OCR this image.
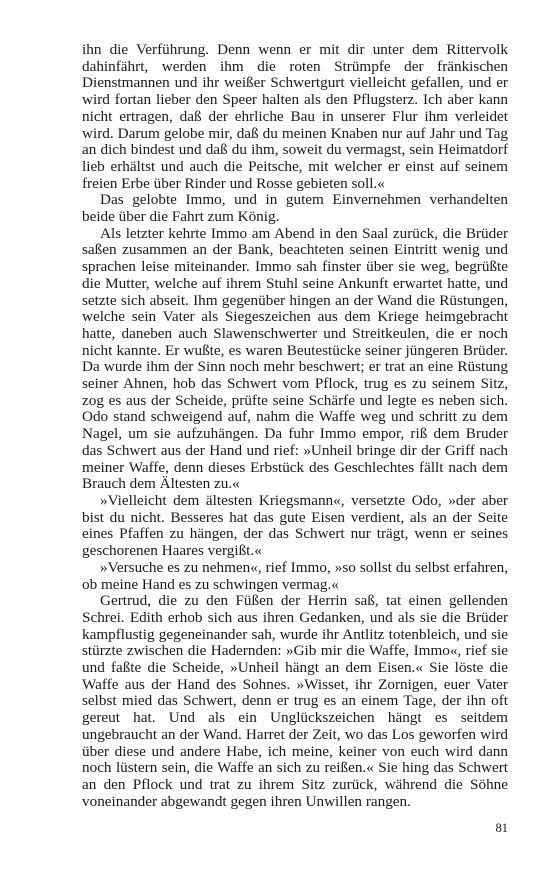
ihn die Verführung. Denn wenn er mit dir unter dem Rittervolk dahinfährt, werden ihm die roten Strümpfe der fränkischen Dienstmannen und ihr weißer Schwertgurt vielleicht gefallen, und er wird fortan lieber den Speer halten als den Pflugsterz. Ich aber kann nicht ertragen, daß der ehrliche Bau in unserer Flur ihm verleidet wird. Darum gelobe mir, daß du meinen Knaben nur auf Jahr und Tag an dich bindest und daß du ihm, soweit du vermagst, sein Heimatdorf lieb erhältst und auch die Peitsche, mit welcher er einst auf seinem freien Erbe über Rinder und Rosse gebieten soll.«

Das gelobte Immo, und in gutem Einvernehmen verhandelten beide über die Fahrt zum König.

Als letzter kehrte Immo am Abend in den Saal zurück, die Brüder saßen zusammen an der Bank, beachteten seinen Eintritt wenig und sprachen leise miteinander. Immo sah finster über sie weg, begrüßte die Mutter, welche auf ihrem Stuhl seine Ankunft erwartet hatte, und setzte sich abseit. Ihm gegenüber hingen an der Wand die Rüstungen, welche sein Vater als Siegeszeichen aus dem Kriege heimgebracht hatte, daneben auch Slawenschwerter und Streitkeulen, die er noch nicht kannte. Er wußte, es waren Beutestücke seiner jüngeren Brüder. Da wurde ihm der Sinn noch mehr beschwert; er trat an eine Rüstung seiner Ahnen, hob das Schwert vom Pflock, trug es zu seinem Sitz, zog es aus der Scheide, prüfte seine Schärfe und legte es neben sich. Odo stand schweigend auf, nahm die Waffe weg und schritt zu dem Nagel, um sie aufzuhängen. Da fuhr Immo empor, riß dem Bruder das Schwert aus der Hand und rief: »Unheil bringe dir der Griff nach meiner Waffe, denn dieses Erbstück des Geschlechtes fällt nach dem Brauch dem Ältesten zu.«

»Vielleicht dem ältesten Kriegsmann«, versetzte Odo, »der aber bist du nicht. Besseres hat das gute Eisen verdient, als an der Seite eines Pfaffen zu hängen, der das Schwert nur trägt, wenn er seines geschorenen Haares vergißt.«

»Versuche es zu nehmen«, rief Immo, »so sollst du selbst erfahren, ob meine Hand es zu schwingen vermag.«

Gertrud, die zu den Füßen der Herrin saß, tat einen gellenden Schrei. Edith erhob sich aus ihren Gedanken, und als sie die Brüder kampflustig gegeneinander sah, wurde ihr Antlitz totenbleich, und sie stürzte zwischen die Hadernden: »Gib mir die Waffe, Immo«, rief sie und faßte die Scheide, »Unheil hängt an dem Eisen.« Sie löste die Waffe aus der Hand des Sohnes. »Wisset, ihr Zornigen, euer Vater selbst mied das Schwert, denn er trug es an einem Tage, der ihn oft gereut hat. Und als ein Unglückszeichen hängt es seitdem ungebraucht an der Wand. Harret der Zeit, wo das Los geworfen wird über diese und andere Habe, ich meine, keiner von euch wird dann noch lüstern sein, die Waffe an sich zu reißen.« Sie hing das Schwert an den Pflock und trat zu ihrem Sitz zurück, während die Söhne voneinander abgewandt gegen ihren Unwillen rangen.

81
